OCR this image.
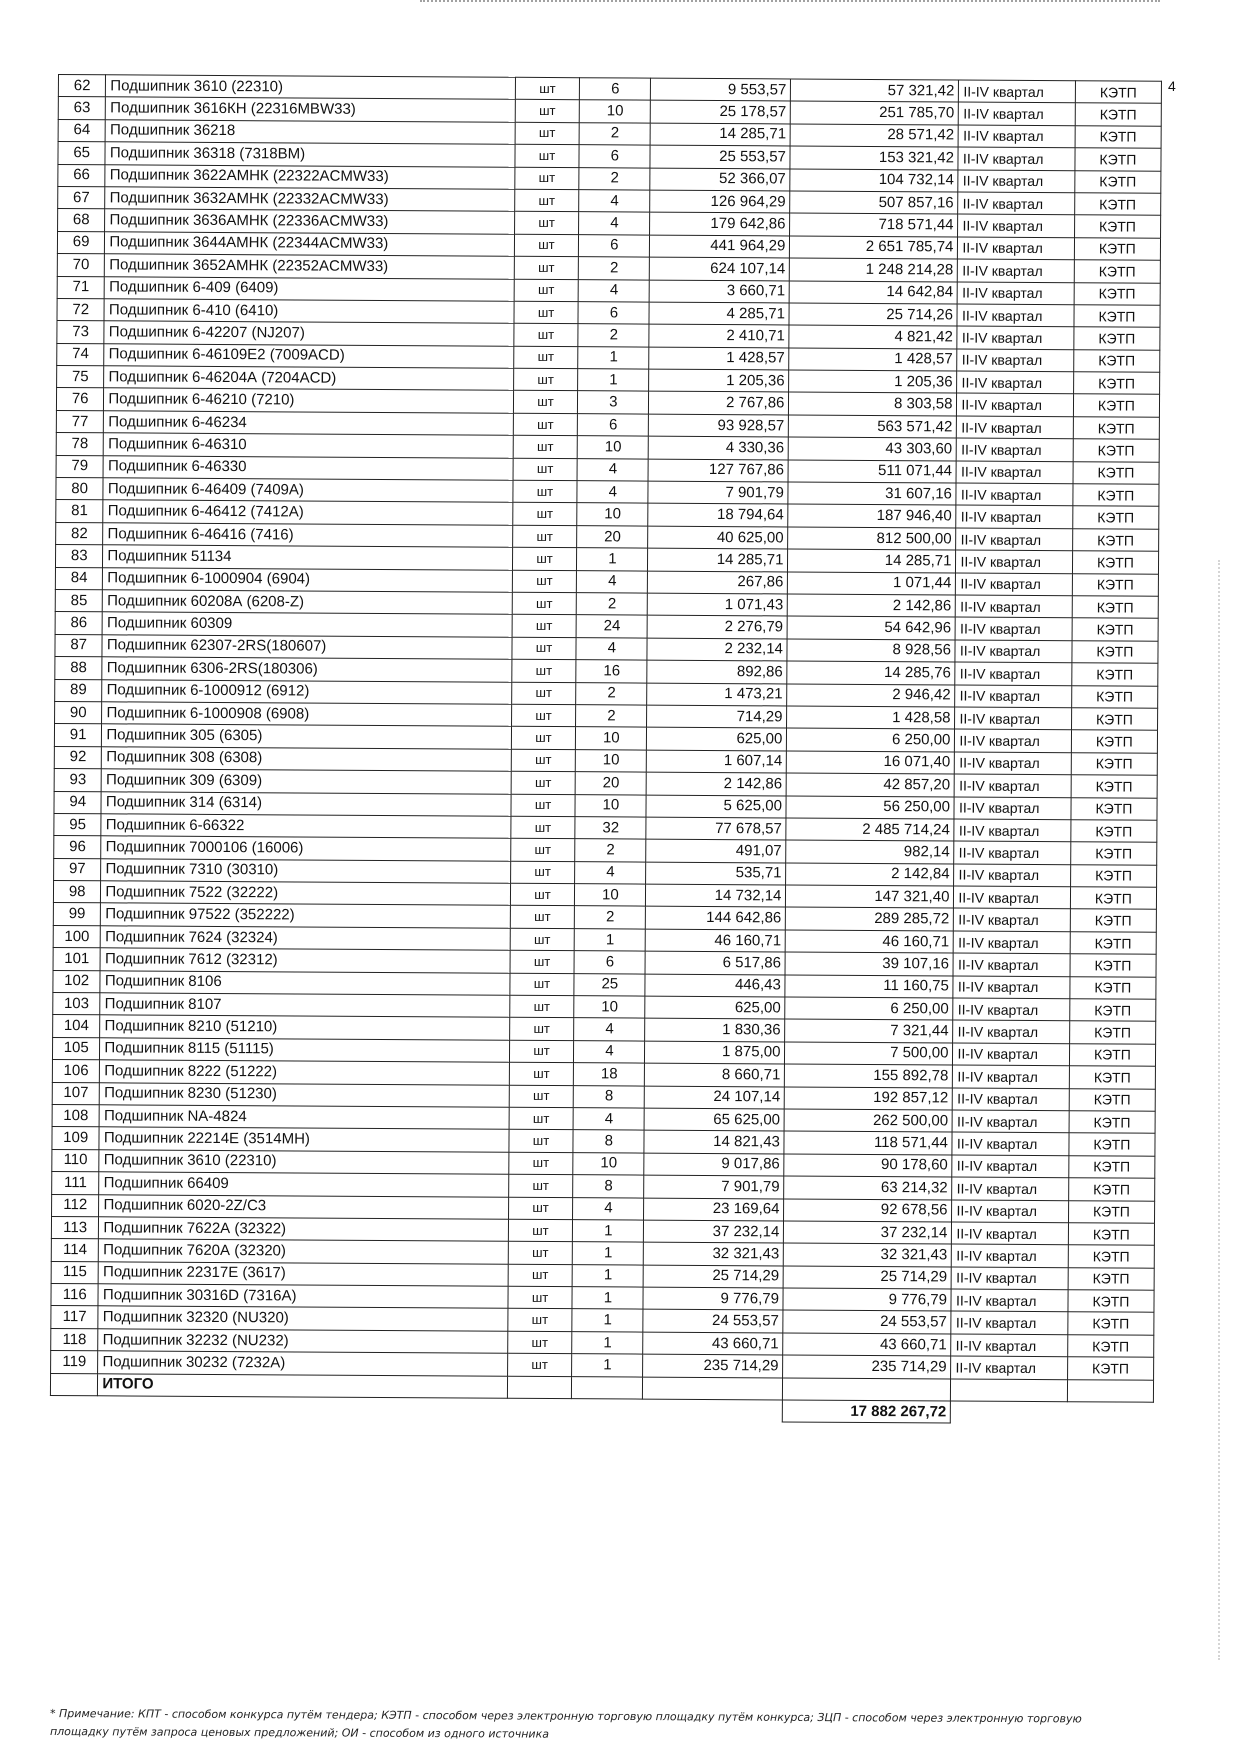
4
62	Подшипник 3610 (22310)	шт	6	9 553,57	57 321,42	II-IV квартал	КЭТП
63	Подшипник 3616КН (22316MBW33)	шт	10	25 178,57	251 785,70	II-IV квартал	КЭТП
64	Подшипник 36218	шт	2	14 285,71	28 571,42	II-IV квартал	КЭТП
65	Подшипник 36318 (7318ВМ)	шт	6	25 553,57	153 321,42	II-IV квартал	КЭТП
66	Подшипник 3622АМНК (22322ACMW33)	шт	2	52 366,07	104 732,14	II-IV квартал	КЭТП
67	Подшипник 3632АМНК (22332ACMW33)	шт	4	126 964,29	507 857,16	II-IV квартал	КЭТП
68	Подшипник 3636АМНК (22336ACMW33)	шт	4	179 642,86	718 571,44	II-IV квартал	КЭТП
69	Подшипник 3644АМНК (22344ACMW33)	шт	6	441 964,29	2 651 785,74	II-IV квартал	КЭТП
70	Подшипник 3652АМНК (22352ACMW33)	шт	2	624 107,14	1 248 214,28	II-IV квартал	КЭТП
71	Подшипник 6-409 (6409)	шт	4	3 660,71	14 642,84	II-IV квартал	КЭТП
72	Подшипник 6-410 (6410)	шт	6	4 285,71	25 714,26	II-IV квартал	КЭТП
73	Подшипник 6-42207 (NJ207)	шт	2	2 410,71	4 821,42	II-IV квартал	КЭТП
74	Подшипник 6-46109Е2 (7009ACD)	шт	1	1 428,57	1 428,57	II-IV квартал	КЭТП
75	Подшипник 6-46204А (7204ACD)	шт	1	1 205,36	1 205,36	II-IV квартал	КЭТП
76	Подшипник 6-46210 (7210)	шт	3	2 767,86	8 303,58	II-IV квартал	КЭТП
77	Подшипник 6-46234	шт	6	93 928,57	563 571,42	II-IV квартал	КЭТП
78	Подшипник 6-46310	шт	10	4 330,36	43 303,60	II-IV квартал	КЭТП
79	Подшипник 6-46330	шт	4	127 767,86	511 071,44	II-IV квартал	КЭТП
80	Подшипник 6-46409 (7409А)	шт	4	7 901,79	31 607,16	II-IV квартал	КЭТП
81	Подшипник 6-46412 (7412А)	шт	10	18 794,64	187 946,40	II-IV квартал	КЭТП
82	Подшипник 6-46416 (7416)	шт	20	40 625,00	812 500,00	II-IV квартал	КЭТП
83	Подшипник 51134	шт	1	14 285,71	14 285,71	II-IV квартал	КЭТП
84	Подшипник 6-1000904 (6904)	шт	4	267,86	1 071,44	II-IV квартал	КЭТП
85	Подшипник 60208А (6208-Z)	шт	2	1 071,43	2 142,86	II-IV квартал	КЭТП
86	Подшипник 60309	шт	24	2 276,79	54 642,96	II-IV квартал	КЭТП
87	Подшипник 62307-2RS(180607)	шт	4	2 232,14	8 928,56	II-IV квартал	КЭТП
88	Подшипник 6306-2RS(180306)	шт	16	892,86	14 285,76	II-IV квартал	КЭТП
89	Подшипник 6-1000912 (6912)	шт	2	1 473,21	2 946,42	II-IV квартал	КЭТП
90	Подшипник 6-1000908 (6908)	шт	2	714,29	1 428,58	II-IV квартал	КЭТП
91	Подшипник 305 (6305)	шт	10	625,00	6 250,00	II-IV квартал	КЭТП
92	Подшипник 308 (6308)	шт	10	1 607,14	16 071,40	II-IV квартал	КЭТП
93	Подшипник 309 (6309)	шт	20	2 142,86	42 857,20	II-IV квартал	КЭТП
94	Подшипник 314 (6314)	шт	10	5 625,00	56 250,00	II-IV квартал	КЭТП
95	Подшипник 6-66322	шт	32	77 678,57	2 485 714,24	II-IV квартал	КЭТП
96	Подшипник 7000106 (16006)	шт	2	491,07	982,14	II-IV квартал	КЭТП
97	Подшипник 7310 (30310)	шт	4	535,71	2 142,84	II-IV квартал	КЭТП
98	Подшипник 7522 (32222)	шт	10	14 732,14	147 321,40	II-IV квартал	КЭТП
99	Подшипник 97522 (352222)	шт	2	144 642,86	289 285,72	II-IV квартал	КЭТП
100	Подшипник 7624 (32324)	шт	1	46 160,71	46 160,71	II-IV квартал	КЭТП
101	Подшипник 7612 (32312)	шт	6	6 517,86	39 107,16	II-IV квартал	КЭТП
102	Подшипник 8106	шт	25	446,43	11 160,75	II-IV квартал	КЭТП
103	Подшипник 8107	шт	10	625,00	6 250,00	II-IV квартал	КЭТП
104	Подшипник 8210 (51210)	шт	4	1 830,36	7 321,44	II-IV квартал	КЭТП
105	Подшипник 8115 (51115)	шт	4	1 875,00	7 500,00	II-IV квартал	КЭТП
106	Подшипник 8222 (51222)	шт	18	8 660,71	155 892,78	II-IV квартал	КЭТП
107	Подшипник 8230 (51230)	шт	8	24 107,14	192 857,12	II-IV квартал	КЭТП
108	Подшипник NA-4824	шт	4	65 625,00	262 500,00	II-IV квартал	КЭТП
109	Подшипник 22214Е (3514МН)	шт	8	14 821,43	118 571,44	II-IV квартал	КЭТП
110	Подшипник 3610 (22310)	шт	10	9 017,86	90 178,60	II-IV квартал	КЭТП
111	Подшипник 66409	шт	8	7 901,79	63 214,32	II-IV квартал	КЭТП
112	Подшипник 6020-2Z/C3	шт	4	23 169,64	92 678,56	II-IV квартал	КЭТП
113	Подшипник 7622А (32322)	шт	1	37 232,14	37 232,14	II-IV квартал	КЭТП
114	Подшипник 7620А (32320)	шт	1	32 321,43	32 321,43	II-IV квартал	КЭТП
115	Подшипник 22317Е (3617)	шт	1	25 714,29	25 714,29	II-IV квартал	КЭТП
116	Подшипник 30316D (7316А)	шт	1	9 776,79	9 776,79	II-IV квартал	КЭТП
117	Подшипник 32320 (NU320)	шт	1	24 553,57	24 553,57	II-IV квартал	КЭТП
118	Подшипник 32232 (NU232)	шт	1	43 660,71	43 660,71	II-IV квартал	КЭТП
119	Подшипник 30232 (7232А)	шт	1	235 714,29	235 714,29	II-IV квартал	КЭТП
	ИТОГО						
					17 882 267,72		
* Примечание: КПТ - способом конкурса путём тендера; КЭТП - способом через электронную торговую площадку путём конкурса; ЗЦП - способом через электронную торговую
площадку путём запроса ценовых предложений; ОИ - способом из одного источника
